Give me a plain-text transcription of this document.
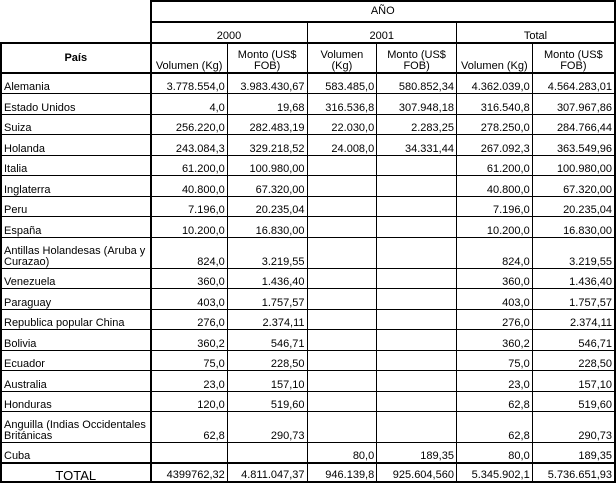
	AÑO					
	2000		2001		Total	
País	Volumen (Kg)	Monto (US$ FOB)	Volumen (Kg)	Monto (US$ FOB)	Volumen (Kg)	Monto (US$ FOB)
Alemania	3.778.554,0	3.983.430,67	583.485,0	580.852,34	4.362.039,0	4.564.283,01
Estado Unidos	4,0	19,68	316.536,8	307.948,18	316.540,8	307.967,86
Suiza	256.220,0	282.483,19	22.030,0	2.283,25	278.250,0	284.766,44
Holanda	243.084,3	329.218,52	24.008,0	34.331,44	267.092,3	363.549,96
Italia	61.200,0	100.980,00			61.200,0	100.980,00
Inglaterra	40.800,0	67.320,00			40.800,0	67.320,00
Peru	7.196,0	20.235,04			7.196,0	20.235,04
España	10.200,0	16.830,00			10.200,0	16.830,00
Antillas Holandesas (Aruba y Curazao)	824,0	3.219,55			824,0	3.219,55
Venezuela	360,0	1.436,40			360,0	1.436,40
Paraguay	403,0	1.757,57			403,0	1.757,57
Republica popular China	276,0	2.374,11			276,0	2.374,11
Bolivia	360,2	546,71			360,2	546,71
Ecuador	75,0	228,50			75,0	228,50
Australia	23,0	157,10			23,0	157,10
Honduras	120,0	519,60			62,8	519,60
Anguilla (Indias Occidentales Británicas	62,8	290,73			62,8	290,73
Cuba			80,0	189,35	80,0	189,35
TOTAL	4399762,32	4.811.047,37	946.139,8	925.604,560	5.345.902,1	5.736.651,93
